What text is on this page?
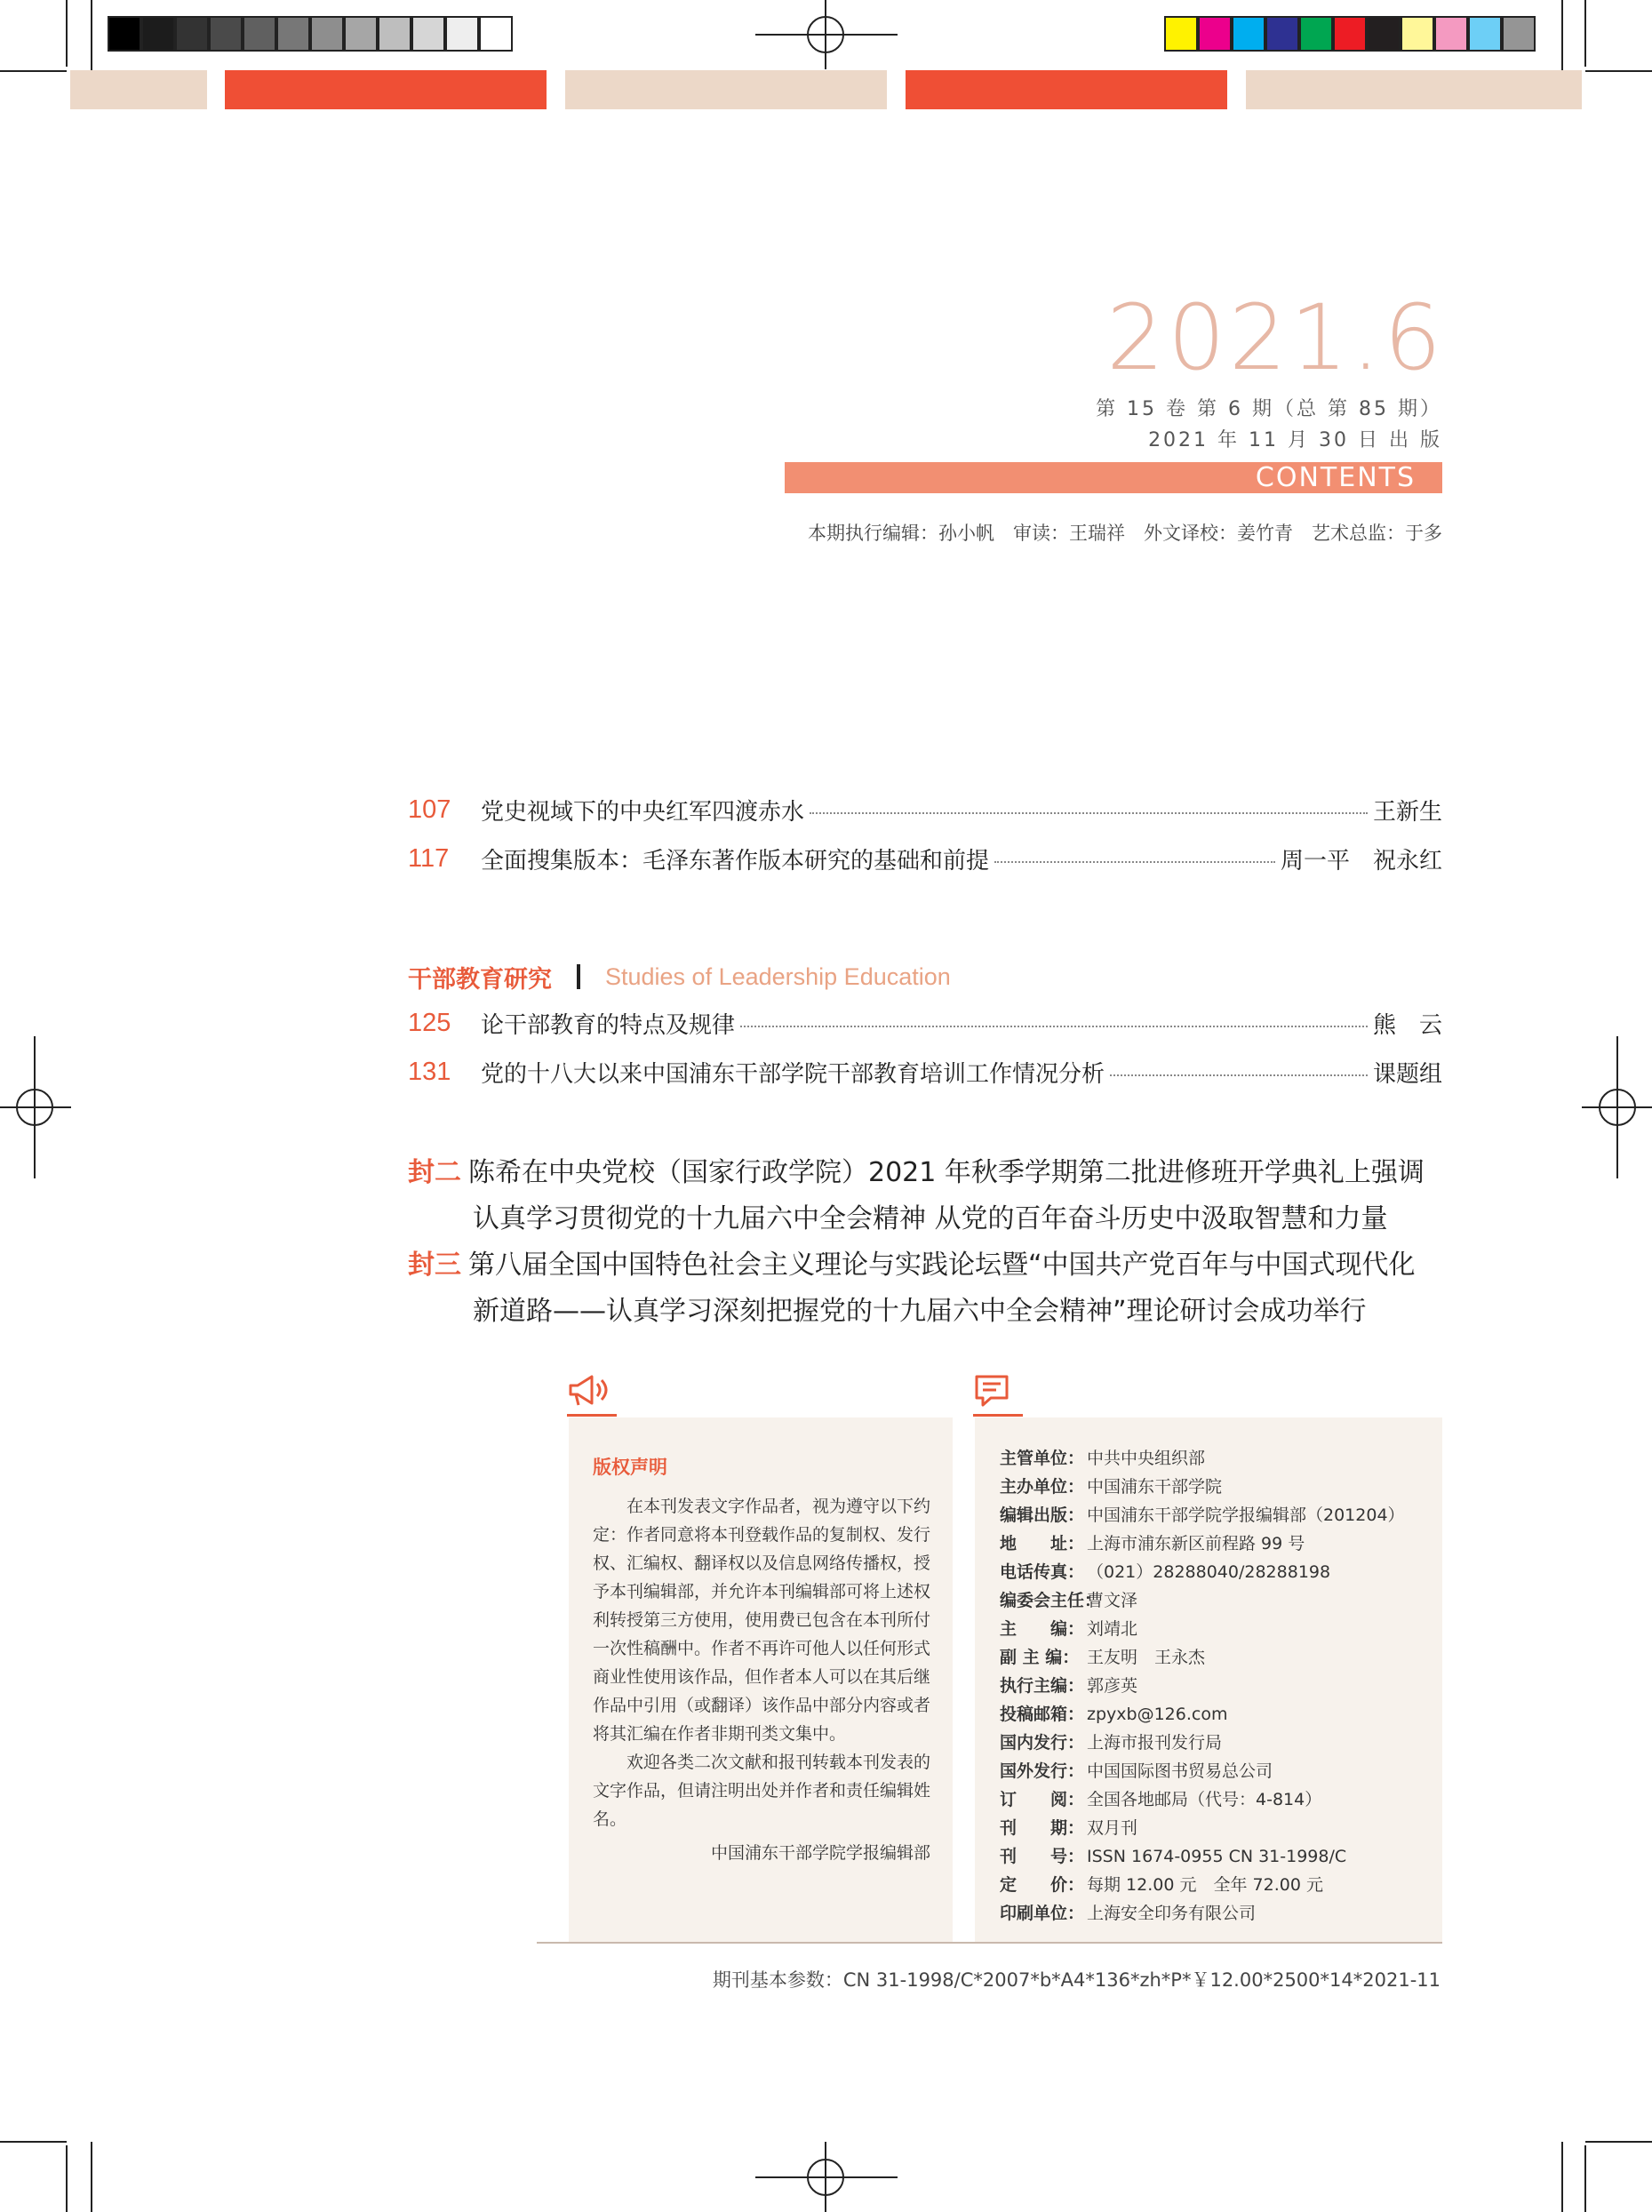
2021.6
第 15 卷 第 6 期（总 第 85 期）
2021 年 11 月 30 日 出 版
CONTENTS
本期执行编辑：孙小帆　审读：王瑞祥　外文译校：姜竹青　艺术总监：于多
107	党史视域下的中央红军四渡赤水	王新生
117	全面搜集版本：毛泽东著作版本研究的基础和前提	周一平　祝永红
干部教育研究 Studies of Leadership Education
125	论干部教育的特点及规律	熊　云
131	党的十八大以来中国浦东干部学院干部教育培训工作情况分析	课题组
封二 陈希在中央党校（国家行政学院）2021 年秋季学期第二批进修班开学典礼上强调
认真学习贯彻党的十九届六中全会精神 从党的百年奋斗历史中汲取智慧和力量
封三 第八届全国中国特色社会主义理论与实践论坛暨“中国共产党百年与中国式现代化
新道路——认真学习深刻把握党的十九届六中全会精神”理论研讨会成功举行
版权声明

在本刊发表文字作品者，视为遵守以下约定：作者同意将本刊登载作品的复制权、发行权、汇编权、翻译权以及信息网络传播权，授予本刊编辑部，并允许本刊编辑部可将上述权利转授第三方使用，使用费已包含在本刊所付一次性稿酬中。作者不再许可他人以任何形式商业性使用该作品，但作者本人可以在其后继作品中引用（或翻译）该作品中部分内容或者将其汇编在作者非期刊类文集中。

欢迎各类二次文献和报刊转载本刊发表的文字作品，但请注明出处并作者和责任编辑姓名。

中国浦东干部学院学报编辑部

主管单位： 中共中央组织部
主办单位： 中国浦东干部学院
编辑出版： 中国浦东干部学院学报编辑部（201204）
地　　址： 上海市浦东新区前程路 99 号
电话传真： （021）28288040/28288198
编委会主任：曹文泽
主　　编： 刘靖北
副 主 编： 王友明　王永杰
执行主编： 郭彦英
投稿邮箱： zpyxb@126.com
国内发行： 上海市报刊发行局
国外发行： 中国国际图书贸易总公司
订　　阅： 全国各地邮局（代号：4-814）
刊　　期： 双月刊
刊　　号： ISSN 1674-0955 CN 31-1998/C
定　　价： 每期 12.00 元　全年 72.00 元
印刷单位： 上海安全印务有限公司
期刊基本参数：CN 31-1998/C*2007*b*A4*136*zh*P*￥12.00*2500*14*2021-11
